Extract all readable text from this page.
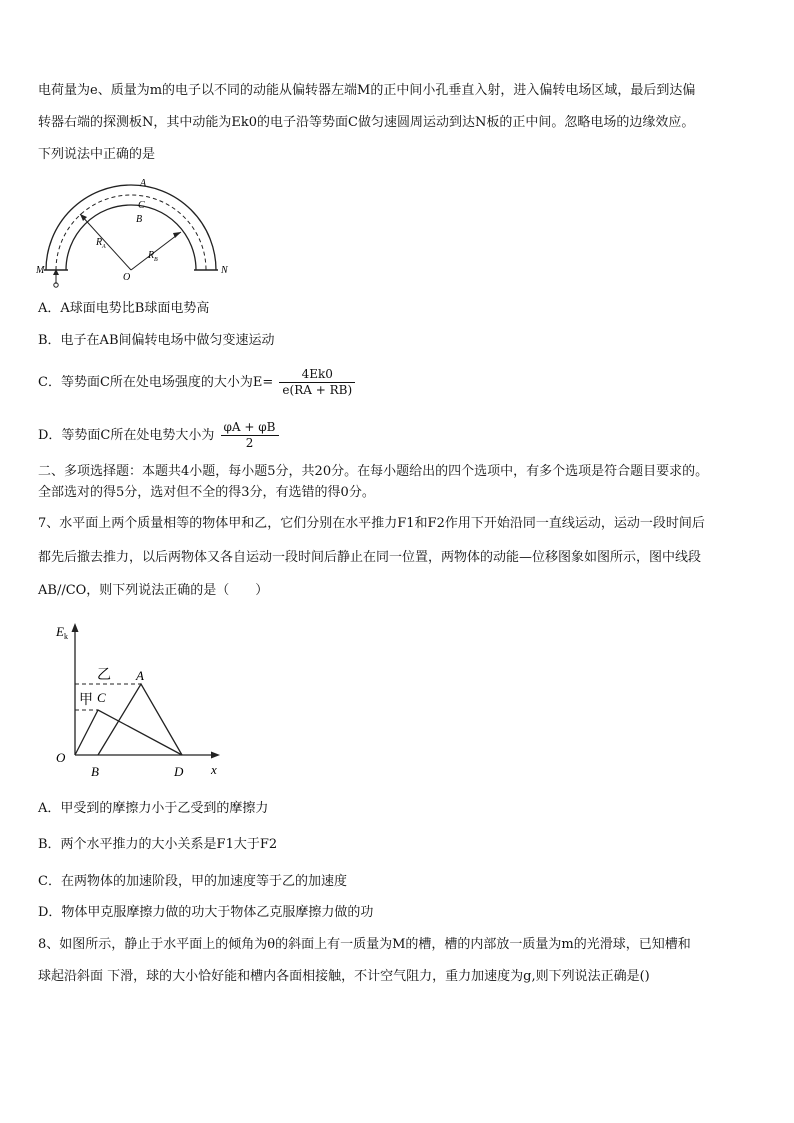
电荷量为e、质量为m的电子以不同的动能从偏转器左端M的正中间小孔垂直入射，进入偏转电场区域，最后到达偏
转器右端的探测板N，其中动能为Ek0的电子沿等势面C做匀速圆周运动到达N板的正中间。忽略电场的边缘效应。
下列说法中正确的是
A
C
B
O
M	N
R A
R B
A．A球面电势比B球面电势高
B．电子在AB间偏转电场中做匀变速运动
C．等势面C所在处电场强度的大小为$E= \frac{4Ek0}{e(RA + RB)}$
D．等势面C所在处电势大小为 $\frac{\varphi A + \varphi B}{2}$
二、多项选择题：本题共4小题，每小题5分，共20分。在每小题给出的四个选项中，有多个选项是符合题目要求的。
全部选对的得5分，选对但不全的得3分，有选错的得0分。
7、水平面上两个质量相等的物体甲和乙，它们分别在水平推力F1和F2作用下开始沿同一直线运动，运动一段时间后
都先后撤去推力，以后两物体又各自运动一段时间后静止在同一位置，两物体的动能—位移图象如图所示，图中线段
AB//CO，则下列说法正确的是（　　）
E k
x
O
B	D
A
C
乙
甲
A．甲受到的摩擦力小于乙受到的摩擦力
B．两个水平推力的大小关系是F1大于F2
C．在两物体的加速阶段，甲的加速度等于乙的加速度
D．物体甲克服摩擦力做的功大于物体乙克服摩擦力做的功
8、如图所示，静止于水平面上的倾角为θ的斜面上有一质量为M的槽，槽的内部放一质量为m的光滑球，已知槽和
球起沿斜面 下滑，球的大小恰好能和槽内各面相接触，不计空气阻力，重力加速度为g,则下列说法正确是()
